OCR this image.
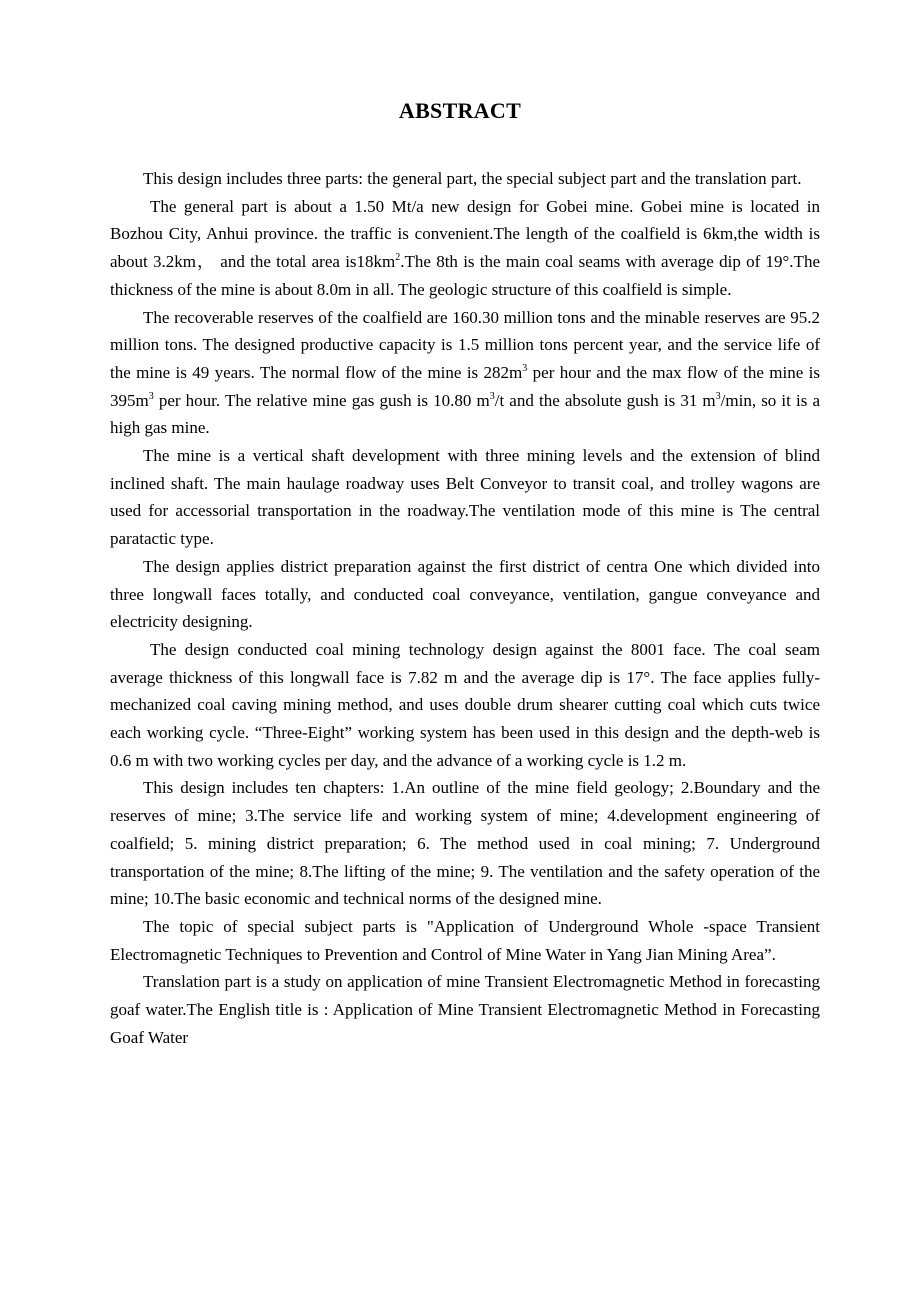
ABSTRACT

This design includes three parts: the general part, the special subject part and the translation part.

The general part is about a 1.50 Mt/a new design for Gobei mine. Gobei mine is located in Bozhou City, Anhui province. the traffic is convenient.The length of the coalfield is 6km,the width is about 3.2km， and the total area $is18km^2.The$ 8th is the main coal seams with average dip of 19°.The thickness of the mine is about 8.0m in all. The geologic structure of this coalfield is simple.

The recoverable reserves of the coalfield are 160.30 million tons and the minable reserves are 95.2 million tons. The designed productive capacity is 1.5 million tons percent year, and the service life of the mine is 49 years. The normal flow of the mine is $282m^3$ per hour and the max flow of the mine is $395m^3$ per hour. The relative mine gas gush is 10.80 $m^3/t$ and the absolute gush is 31 $m^3/\min$, so it is a high gas mine.

The mine is a vertical shaft development with three mining levels and the extension of blind inclined shaft. The main haulage roadway uses Belt Conveyor to transit coal, and trolley wagons are used for accessorial transportation in the roadway.The ventilation mode of this mine is The central paratactic type.

The design applies district preparation against the first district of centra One which divided into three longwall faces totally, and conducted coal conveyance, ventilation, gangue conveyance and electricity designing.

The design conducted coal mining technology design against the 8001 face. The coal seam average thickness of this longwall face is 7.82 m and the average dip is 17°. The face applies fully-mechanized coal caving mining method, and uses double drum shearer cutting coal which cuts twice each working cycle. “Three-Eight” working system has been used in this design and the depth-web is 0.6 m with two working cycles per day, and the advance of a working cycle is 1.2 m.

This design includes ten chapters: 1.An outline of the mine field geology; 2.Boundary and the reserves of mine; 3.The service life and working system of mine; 4.development engineering of coalfield; 5. mining district preparation; 6. The method used in coal mining; 7. Underground transportation of the mine; 8.The lifting of the mine; 9. The ventilation and the safety operation of the mine; 10.The basic economic and technical norms of the designed mine.

The topic of special subject parts is "Application of Underground Whole -space Transient Electromagnetic Techniques to Prevention and Control of Mine Water in Yang Jian Mining Area”.

Translation part is a study on application of mine Transient Electromagnetic Method in forecasting goaf water.The English title is : Application of Mine Transient Electromagnetic Method in Forecasting Goaf Water
